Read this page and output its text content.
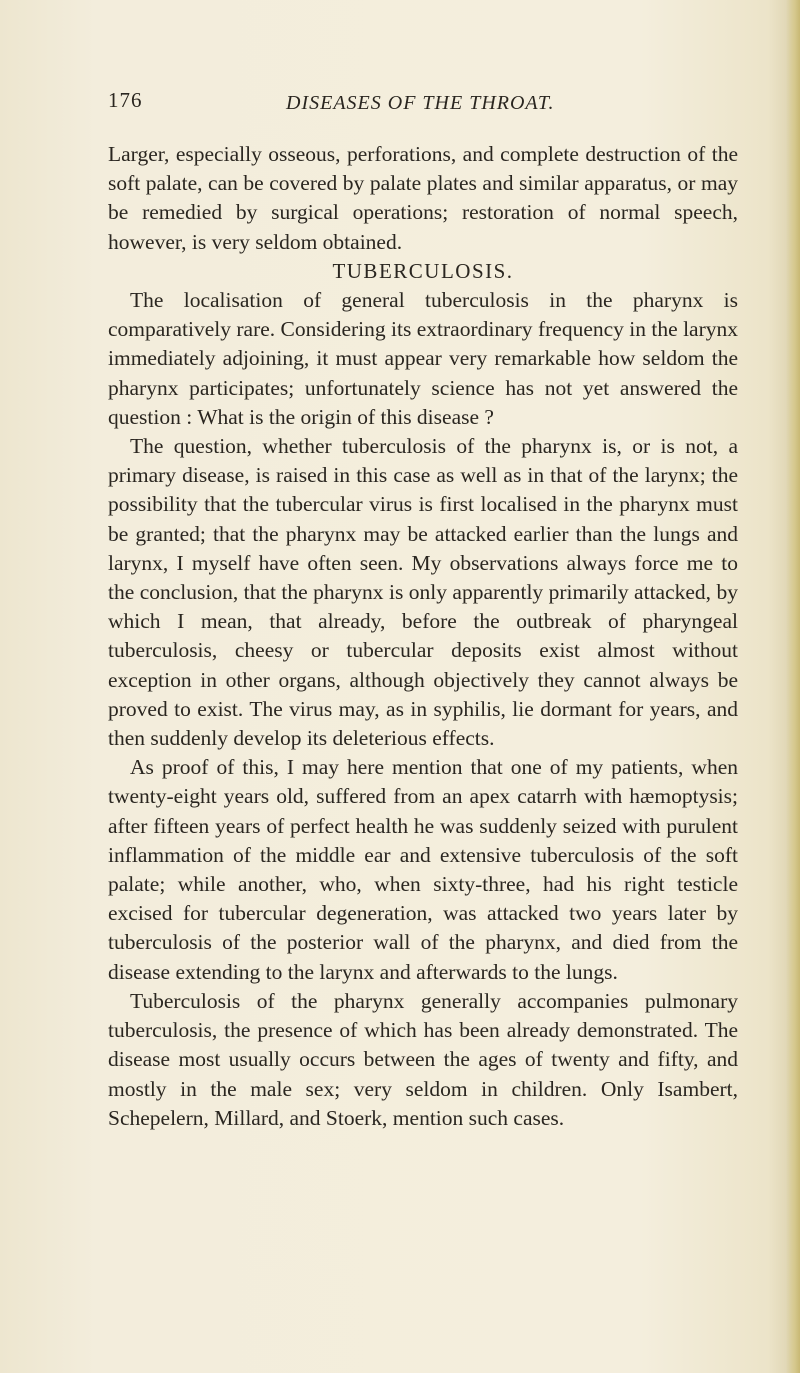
176	DISEASES OF THE THROAT.

Larger, especially osseous, perforations, and complete destruction of the soft palate, can be covered by palate plates and similar apparatus, or may be remedied by surgical operations; restoration of normal speech, however, is very seldom obtained.

TUBERCULOSIS.

The localisation of general tuberculosis in the pharynx is comparatively rare. Considering its extraordinary frequency in the larynx immediately adjoining, it must appear very remarkable how seldom the pharynx participates; unfortunately science has not yet answered the question : What is the origin of this disease ?

The question, whether tuberculosis of the pharynx is, or is not, a primary disease, is raised in this case as well as in that of the larynx; the possibility that the tubercular virus is first localised in the pharynx must be granted; that the pharynx may be attacked earlier than the lungs and larynx, I myself have often seen. My observations always force me to the conclusion, that the pharynx is only apparently primarily attacked, by which I mean, that already, before the outbreak of pharyngeal tuberculosis, cheesy or tubercular deposits exist almost without exception in other organs, although objectively they cannot always be proved to exist. The virus may, as in syphilis, lie dormant for years, and then suddenly develop its deleterious effects.

As proof of this, I may here mention that one of my patients, when twenty-eight years old, suffered from an apex catarrh with hæmoptysis; after fifteen years of perfect health he was suddenly seized with purulent inflammation of the middle ear and extensive tuberculosis of the soft palate; while another, who, when sixty-three, had his right testicle excised for tubercular degeneration, was attacked two years later by tuberculosis of the posterior wall of the pharynx, and died from the disease extending to the larynx and afterwards to the lungs.

Tuberculosis of the pharynx generally accompanies pulmonary tuberculosis, the presence of which has been already demonstrated. The disease most usually occurs between the ages of twenty and fifty, and mostly in the male sex; very seldom in children. Only Isambert, Schepelern, Millard, and Stoerk, mention such cases.
